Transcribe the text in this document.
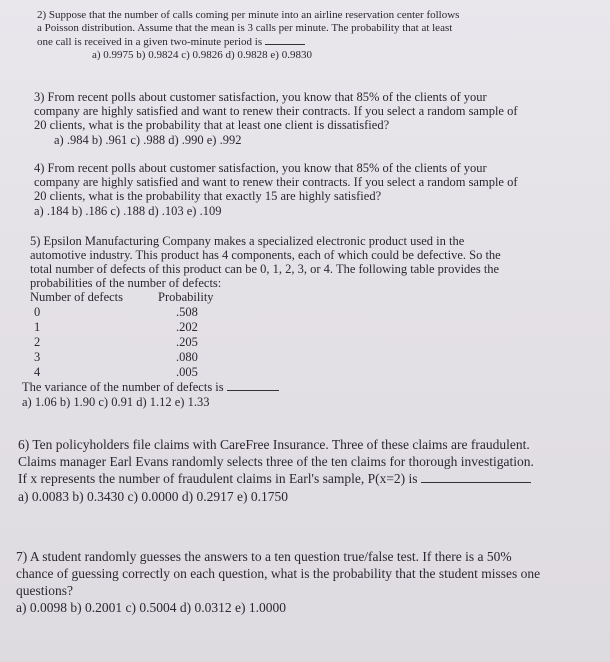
2) Suppose that the number of calls coming per minute into an airline reservation center follows
a Poisson distribution. Assume that the mean is 3 calls per minute. The probability that at least
one call is received in a given two-minute period is
a) 0.9975 b) 0.9824 c) 0.9826 d) 0.9828 e) 0.9830
3) From recent polls about customer satisfaction, you know that 85% of the clients of your
company are highly satisfied and want to renew their contracts. If you select a random sample of
20 clients, what is the probability that at least one client is dissatisfied?
a) .984 b) .961 c) .988 d) .990 e) .992
4) From recent polls about customer satisfaction, you know that 85% of the clients of your
company are highly satisfied and want to renew their contracts. If you select a random sample of
20 clients, what is the probability that exactly 15 are highly satisfied?
a) .184 b) .186 c) .188 d) .103 e) .109
5) Epsilon Manufacturing Company makes a specialized electronic product used in the
automotive industry. This product has 4 components, each of which could be defective. So the
total number of defects of this product can be 0, 1, 2, 3, or 4. The following table provides the
probabilities of the number of defects:
Number of defects	Probability
0	.508
1	.202
2	.205
3	.080
4	.005
The variance of the number of defects is
a) 1.06 b) 1.90 c) 0.91 d) 1.12 e) 1.33
6) Ten policyholders file claims with CareFree Insurance. Three of these claims are fraudulent.
Claims manager Earl Evans randomly selects three of the ten claims for thorough investigation.
If x represents the number of fraudulent claims in Earl's sample, P(x=2) is
a) 0.0083 b) 0.3430 c) 0.0000 d) 0.2917 e) 0.1750
7) A student randomly guesses the answers to a ten question true/false test. If there is a 50%
chance of guessing correctly on each question, what is the probability that the student misses one
questions?
a) 0.0098 b) 0.2001 c) 0.5004 d) 0.0312 e) 1.0000
